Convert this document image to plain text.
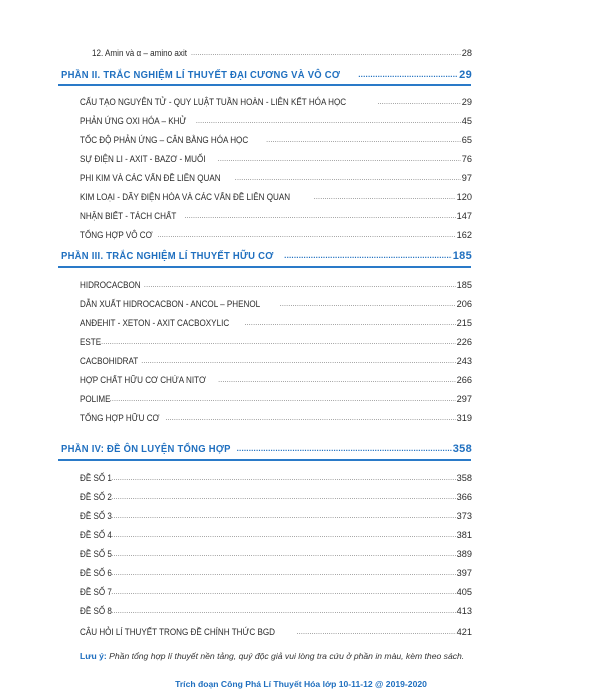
12. Amin và α – amino axit .....	28
PHẦN II. TRẮC NGHIỆM LÍ THUYẾT ĐẠI CƯƠNG VÀ VÔ CƠ .....	29
CẤU TẠO NGUYÊN TỬ - QUY LUẬT TUẦN HOÀN - LIÊN KẾT HÓA HỌC .....	29
PHẢN ỨNG OXI HÓA – KHỬ .....	45
TỐC ĐỘ PHẢN ỨNG – CÂN BẰNG HÓA HỌC .....	65
SỰ ĐIỆN LI - AXIT - BAZƠ - MUỐI .....	76
PHI KIM VÀ CÁC VẤN ĐỀ LIÊN QUAN .....	97
KIM LOẠI - DÃY ĐIỆN HÓA VÀ CÁC VẤN ĐỀ LIÊN QUAN .....	120
NHẬN BIẾT - TÁCH CHẤT .....	147
TỔNG HỢP VÔ CƠ .....	162
PHẦN III. TRẮC NGHIỆM LÍ THUYẾT HỮU CƠ .....	185
HIDROCACBON .....	185
DẪN XUẤT HIDROCACBON - ANCOL – PHENOL .....	206
ANĐEHIT - XETON - AXIT CACBOXYLIC .....	215
ESTE .....	226
CACBOHIDRAT .....	243
HỢP CHẤT HỮU CƠ CHỨA NITƠ .....	266
POLIME .....	297
TỔNG HỢP HỮU CƠ .....	319
PHẦN IV: ĐỀ ÔN LUYỆN TỔNG HỢP .....	358
ĐỀ SỐ 1 .....	358
ĐỀ SỐ 2 .....	366
ĐỀ SỐ 3 .....	373
ĐỀ SỐ 4 .....	381
ĐỀ SỐ 5 .....	389
ĐỀ SỐ 6 .....	397
ĐỀ SỐ 7 .....	405
ĐỀ SỐ 8 .....	413
CÂU HỎI LÍ THUYẾT TRONG ĐỀ CHÍNH THỨC BGD .....	421
Lưu ý: Phần tổng hợp lí thuyết nền tảng, quý độc giả vui lòng tra cứu ở phần in màu, kèm theo sách.
Trích đoạn Công Phá Lí Thuyết Hóa lớp 10-11-12 @ 2019-2020
